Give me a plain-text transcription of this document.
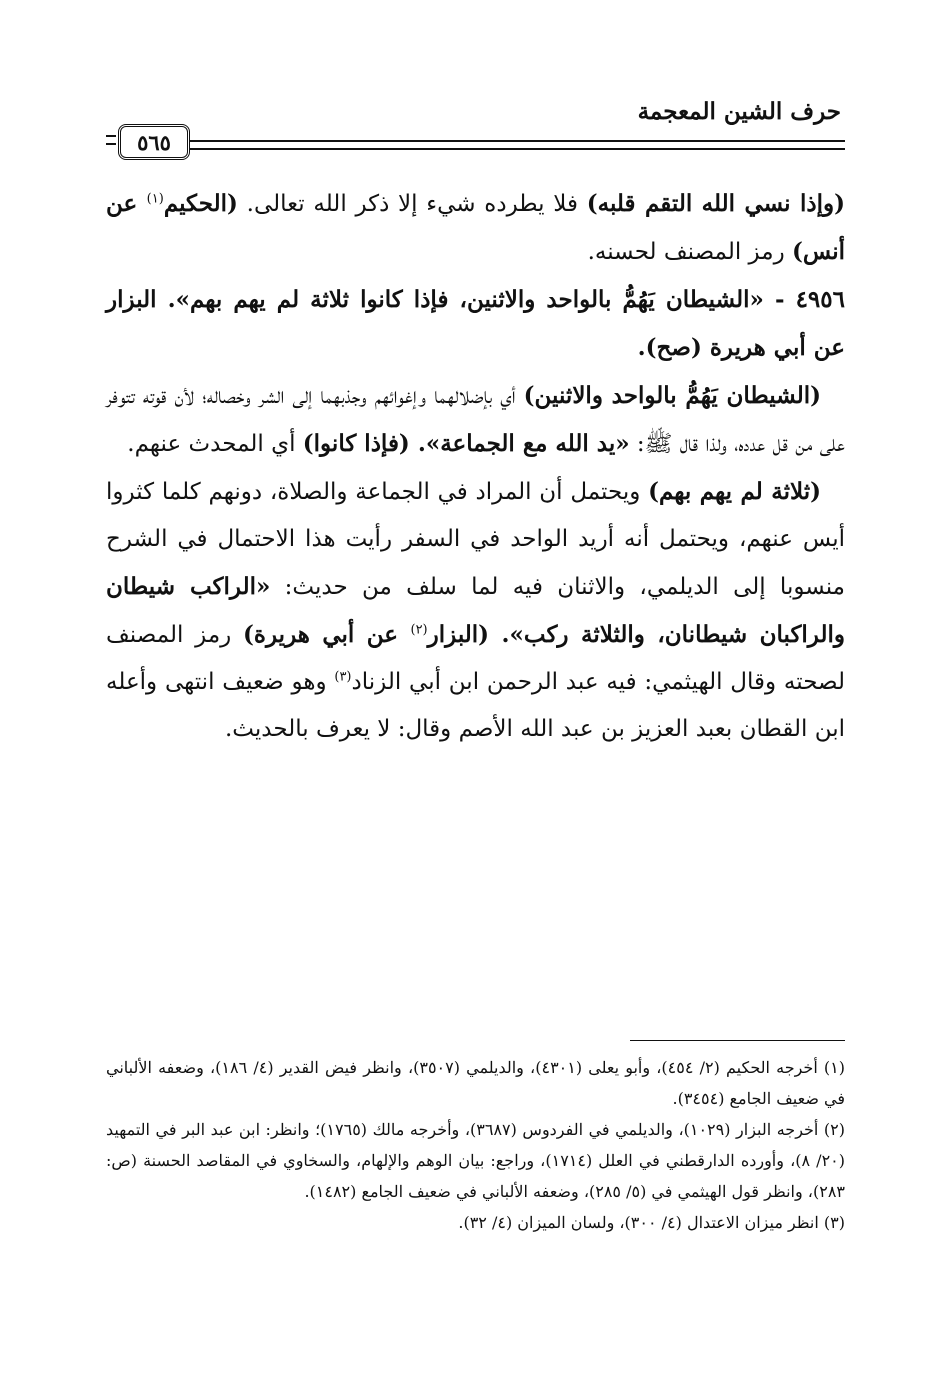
حرف الشين المعجمة
٥٦٥

(وإذا نسي الله التقم قلبه) فلا يطرده شيء إلا ذكر الله تعالى. (الحكيم$^{(١)}$ عن أنس) رمز المصنف لحسنه.

٤٩٥٦ - «الشيطان يَهُمُّ بالواحد والاثنين، فإذا كانوا ثلاثة لم يهم بهم». البزار عن أبي هريرة (صح).

(الشيطان يَهُمُّ بالواحد والاثنين) أي بإضلالهما وإغوائهم وجذبهما إلى الشر وخصاله؛ لأن قوته تتوفر على من قل عدده، ولذا قال ﷺ: «يد الله مع الجماعة». (فإذا كانوا) أي المحدث عنهم.

(ثلاثة لم يهم بهم) ويحتمل أن المراد في الجماعة والصلاة، دونهم كلما كثروا أيس عنهم، ويحتمل أنه أريد الواحد في السفر رأيت هذا الاحتمال في الشرح منسوبا إلى الديلمي، والاثنان فيه لما سلف من حديث: «الراكب شيطان والراكبان شيطانان، والثلاثة ركب». (البزار$^{(٢)}$ عن أبي هريرة) رمز المصنف لصحته وقال الهيثمي: فيه عبد الرحمن ابن أبي الزناد$^{(٣)}$ وهو ضعيف انتهى وأعله ابن القطان بعبد العزيز بن عبد الله الأصم وقال: لا يعرف بالحديث.

(١) أخرجه الحكيم (٢/ ٤٥٤)، وأبو يعلى (٤٣٠١)، والديلمي (٣٥٠٧)، وانظر فيض القدير (٤/ ١٨٦)، وضعفه الألباني في ضعيف الجامع (٣٤٥٤).

(٢) أخرجه البزار (١٠٢٩)، والديلمي في الفردوس (٣٦٨٧)، وأخرجه مالك (١٧٦٥)؛ وانظر: ابن عبد البر في التمهيد (٢٠/ ٨)، وأورده الدارقطني في العلل (١٧١٤)، وراجع: بيان الوهم والإلهام، والسخاوي في المقاصد الحسنة (ص: ٢٨٣)، وانظر قول الهيثمي في (٥/ ٢٨٥)، وضعفه الألباني في ضعيف الجامع (١٤٨٢).

(٣) انظر ميزان الاعتدال (٤/ ٣٠٠)، ولسان الميزان (٤/ ٣٢).
